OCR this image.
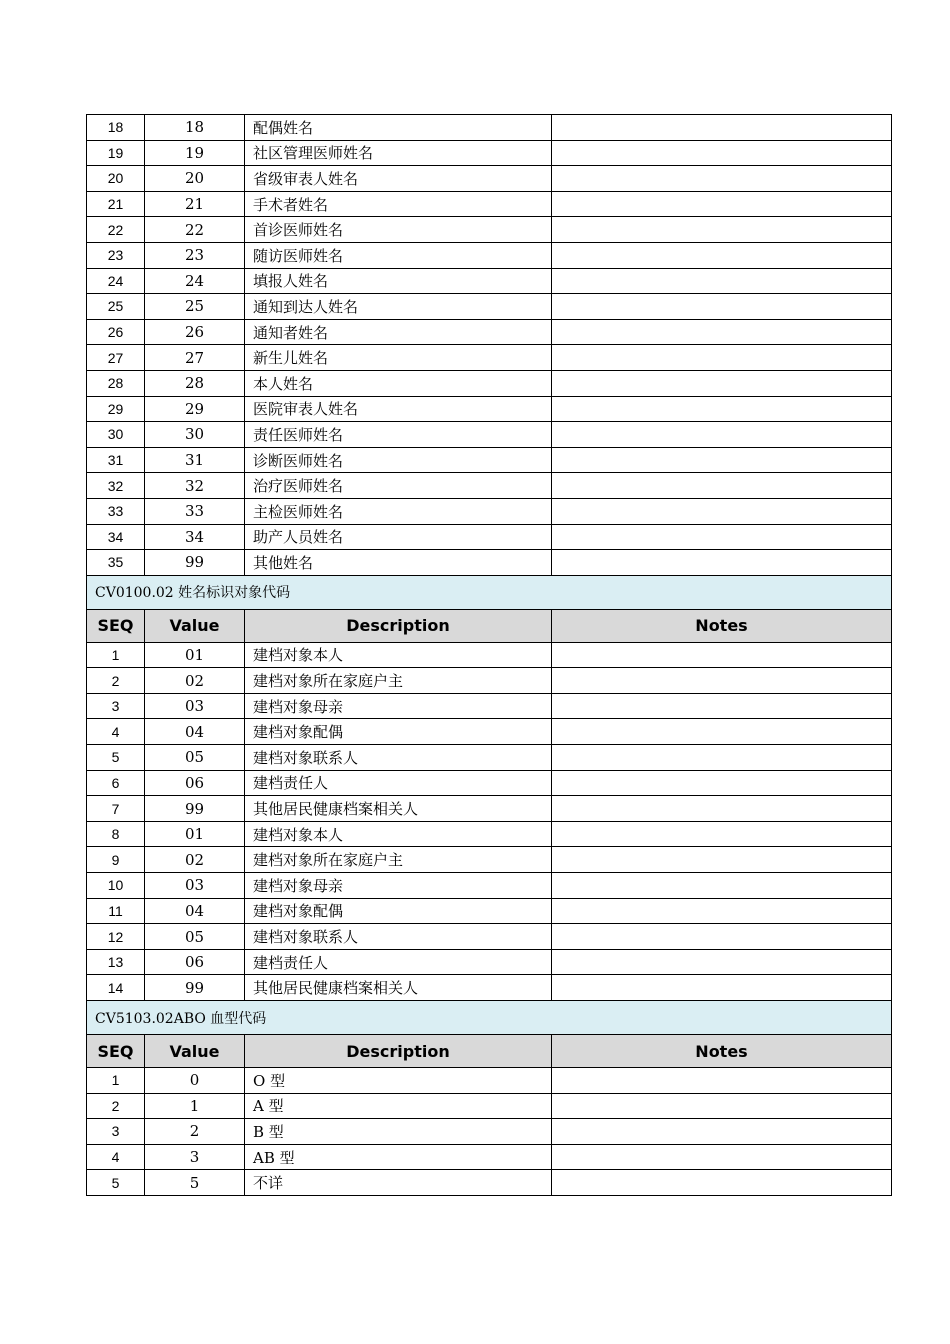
18	18	配偶姓名	
19	19	社区管理医师姓名	
20	20	省级审表人姓名	
21	21	手术者姓名	
22	22	首诊医师姓名	
23	23	随访医师姓名	
24	24	填报人姓名	
25	25	通知到达人姓名	
26	26	通知者姓名	
27	27	新生儿姓名	
28	28	本人姓名	
29	29	医院审表人姓名	
30	30	责任医师姓名	
31	31	诊断医师姓名	
32	32	治疗医师姓名	
33	33	主检医师姓名	
34	34	助产人员姓名	
35	99	其他姓名	
CV0100.02 姓名标识对象代码			
SEQ	Value	Description	Notes
1	01	建档对象本人	
2	02	建档对象所在家庭户主	
3	03	建档对象母亲	
4	04	建档对象配偶	
5	05	建档对象联系人	
6	06	建档责任人	
7	99	其他居民健康档案相关人	
8	01	建档对象本人	
9	02	建档对象所在家庭户主	
10	03	建档对象母亲	
11	04	建档对象配偶	
12	05	建档对象联系人	
13	06	建档责任人	
14	99	其他居民健康档案相关人	
CV5103.02ABO 血型代码			
SEQ	Value	Description	Notes
1	0	O 型	
2	1	A 型	
3	2	B 型	
4	3	AB 型	
5	5	不详	
